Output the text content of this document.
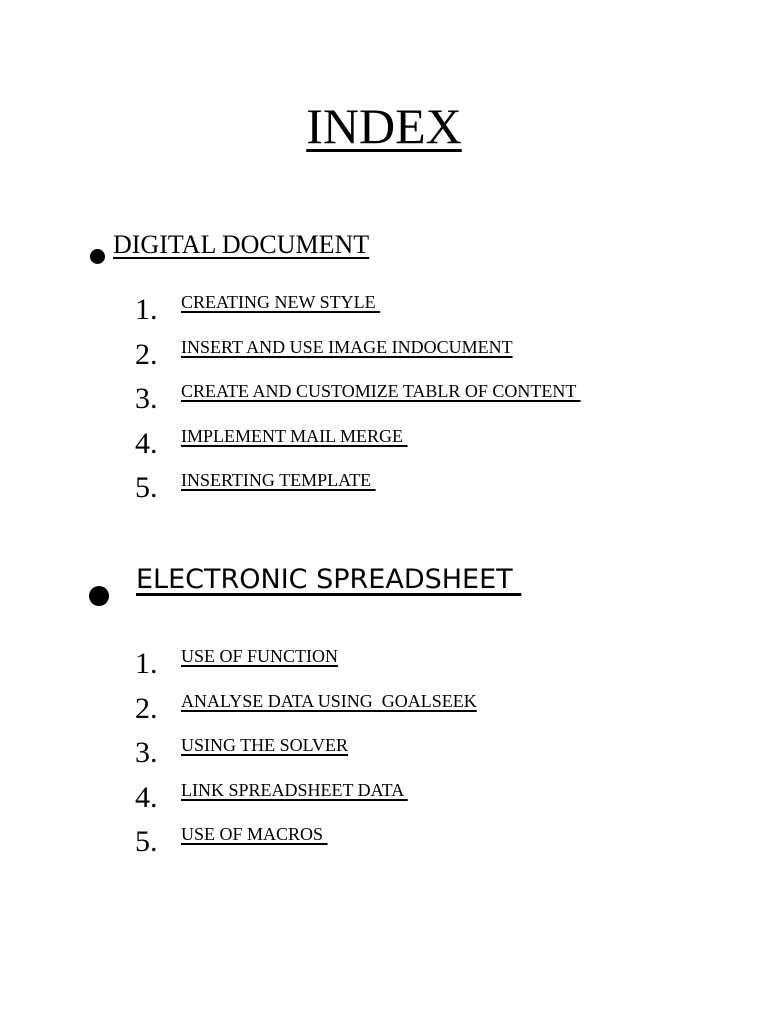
INDEX
DIGITAL DOCUMENT
1. CREATING NEW STYLE
2. INSERT AND USE IMAGE INDOCUMENT
3. CREATE AND CUSTOMIZE TABLR OF CONTENT
4. IMPLEMENT MAIL MERGE
5. INSERTING TEMPLATE
ELECTRONIC SPREADSHEET
1. USE OF FUNCTION
2. ANALYSE DATA USING  GOALSEEK
3. USING THE SOLVER
4. LINK SPREADSHEET DATA
5. USE OF MACROS
